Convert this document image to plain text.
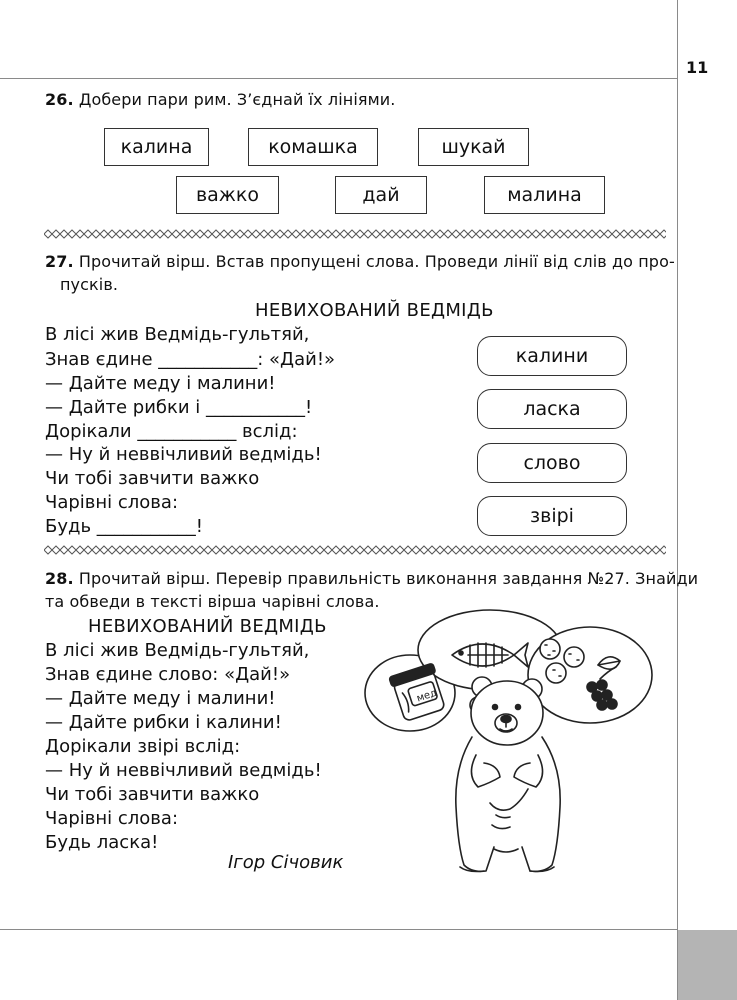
11
26. Добери пари рим. З’єднай їх лініями.
калина	комашка	шукай
важко	дай	малина
27. Прочитай вірш. Встав пропущені слова. Проведи лінії від слів до про-
пусків.
НЕВИХОВАНИЙ ВЕДМІДЬ
В лісі жив Ведмідь-гультяй,
Знав єдине ___________: «Дай!»
— Дайте меду і малини!
— Дайте рибки і ___________!
Дорікали ___________ вслід:
— Ну й неввічливий ведмідь!
Чи тобі завчити важко
Чарівні слова:
Будь ___________!
калини
ласка
слово
звірі
28. Прочитай вірш. Перевір правильність виконання завдання №27. Знайди
та обведи в тексті вірша чарівні слова.
НЕВИХОВАНИЙ ВЕДМІДЬ
В лісі жив Ведмідь-гультяй,
Знав єдине слово: «Дай!»
— Дайте меду і малини!
— Дайте рибки і калини!
Дорікали звірі вслід:
— Ну й неввічливий ведмідь!
Чи тобі завчити важко
Чарівні слова:
Будь ласка!
Ігор Січовик
мед
